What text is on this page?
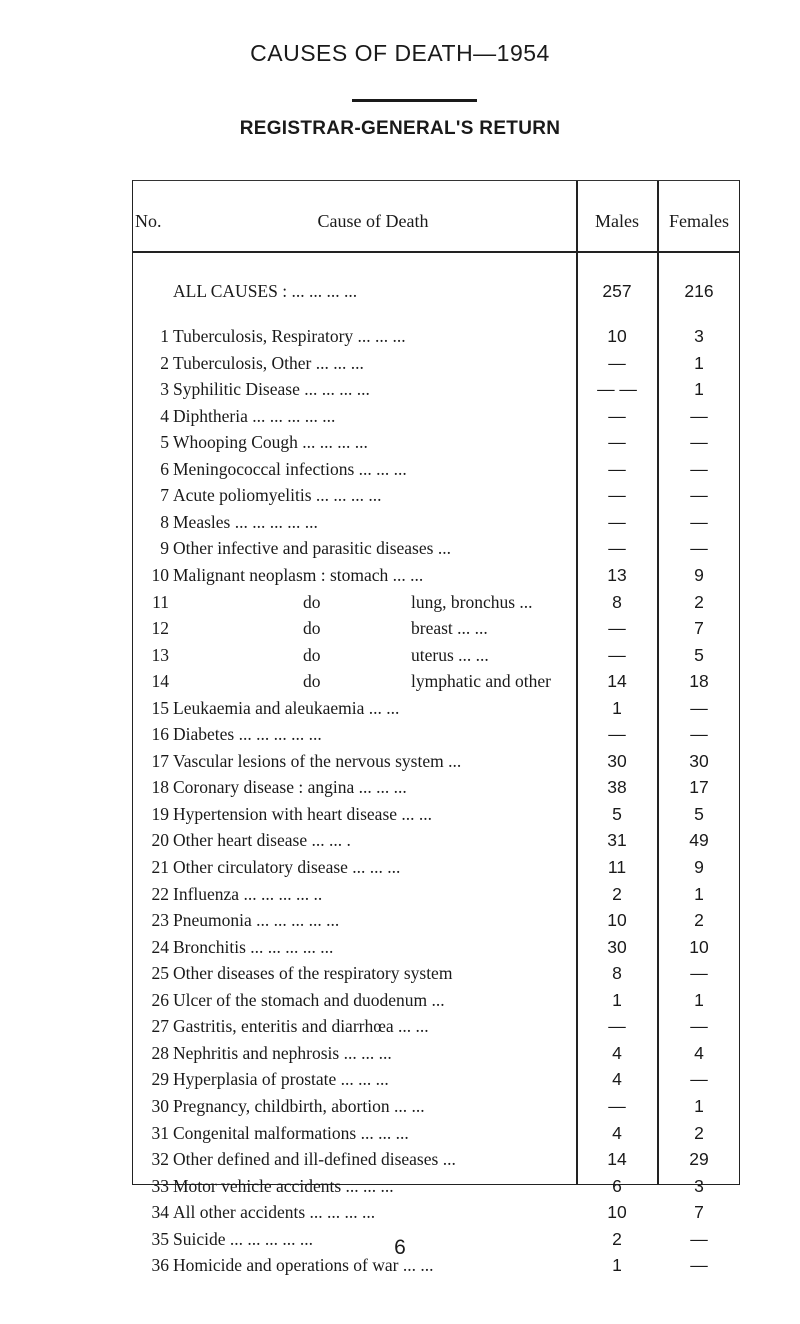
CAUSES OF DEATH—1954
REGISTRAR-GENERAL'S RETURN
No.	Cause of Death	Males	Females
ALL CAUSES : ... ... ... ...	257	216
1 Tuberculosis, Respiratory ... ... ...	10	3
2 Tuberculosis, Other ... ... ...	—	1
3 Syphilitic Disease ... ... ... ...	— —	1
4 Diphtheria ... ... ... ... ...	—	—
5 Whooping Cough ... ... ... ...	—	—
6 Meningococcal infections ... ... ...	—	—
7 Acute poliomyelitis ... ... ... ...	—	—
8 Measles ... ... ... ... ...	—	—
9 Other infective and parasitic diseases ...	—	—
10 Malignant neoplasm : stomach ... ...	13	9
11	do	lung, bronchus ...	8	2
12	do	breast ... ...	—	7
13	do	uterus ... ...	—	5
14	do	lymphatic and other	14	18
15 Leukaemia and aleukaemia ... ...	1	—
16 Diabetes ... ... ... ... ...	—	—
17 Vascular lesions of the nervous system ...	30	30
18 Coronary disease : angina ... ... ...	38	17
19 Hypertension with heart disease ... ...	5	5
20 Other heart disease ... ... .	31	49
21 Other circulatory disease ... ... ...	11	9
22 Influenza ... ... ... ... ..	2	1
23 Pneumonia ... ... ... ... ...	10	2
24 Bronchitis ... ... ... ... ...	30	10
25 Other diseases of the respiratory system	8	—
26 Ulcer of the stomach and duodenum ...	1	1
27 Gastritis, enteritis and diarrhœa ... ...	—	—
28 Nephritis and nephrosis ... ... ...	4	4
29 Hyperplasia of prostate ... ... ...	4	—
30 Pregnancy, childbirth, abortion ... ...	—	1
31 Congenital malformations ... ... ...	4	2
32 Other defined and ill-defined diseases ...	14	29
33 Motor vehicle accidents ... ... ...	6	3
34 All other accidents ... ... ... ...	10	7
35 Suicide ... ... ... ... ...	2	—
36 Homicide and operations of war ... ...	1	—
6
